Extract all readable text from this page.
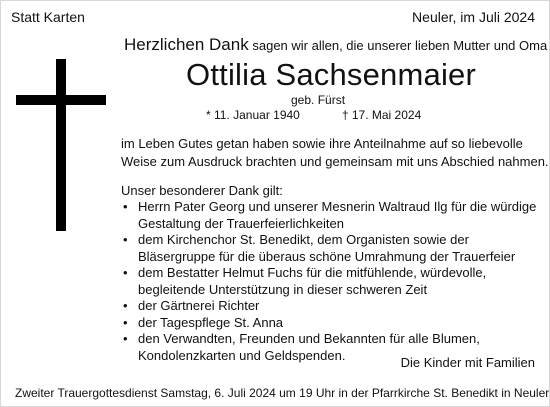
Statt Karten	Neuler, im Juli 2024
Herzlichen Dank sagen wir allen, die unserer lieben Mutter und Oma
Ottilia Sachsenmaier
geb. Fürst
* 11. Januar 1940	† 17. Mai 2024
im Leben Gutes getan haben sowie ihre Anteilnahme auf so liebevolle
Weise zum Ausdruck brachten und gemeinsam mit uns Abschied nahmen.
Unser besonderer Dank gilt:
• Herrn Pater Georg und unserer Mesnerin Waltraud Ilg für die würdige
Gestaltung der Trauerfeierlichkeiten
• dem Kirchenchor St. Benedikt, dem Organisten sowie der
Bläsergruppe für die überaus schöne Umrahmung der Trauerfeier
• dem Bestatter Helmut Fuchs für die mitfühlende, würdevolle,
begleitende Unterstützung in dieser schweren Zeit
• der Gärtnerei Richter
• der Tagespflege St. Anna
• den Verwandten, Freunden und Bekannten für alle Blumen,
Kondolenzkarten und Geldspenden.	Die Kinder mit Familien
Zweiter Trauergottesdienst Samstag, 6. Juli 2024 um 19 Uhr in der Pfarrkirche St. Benedikt in Neuler
